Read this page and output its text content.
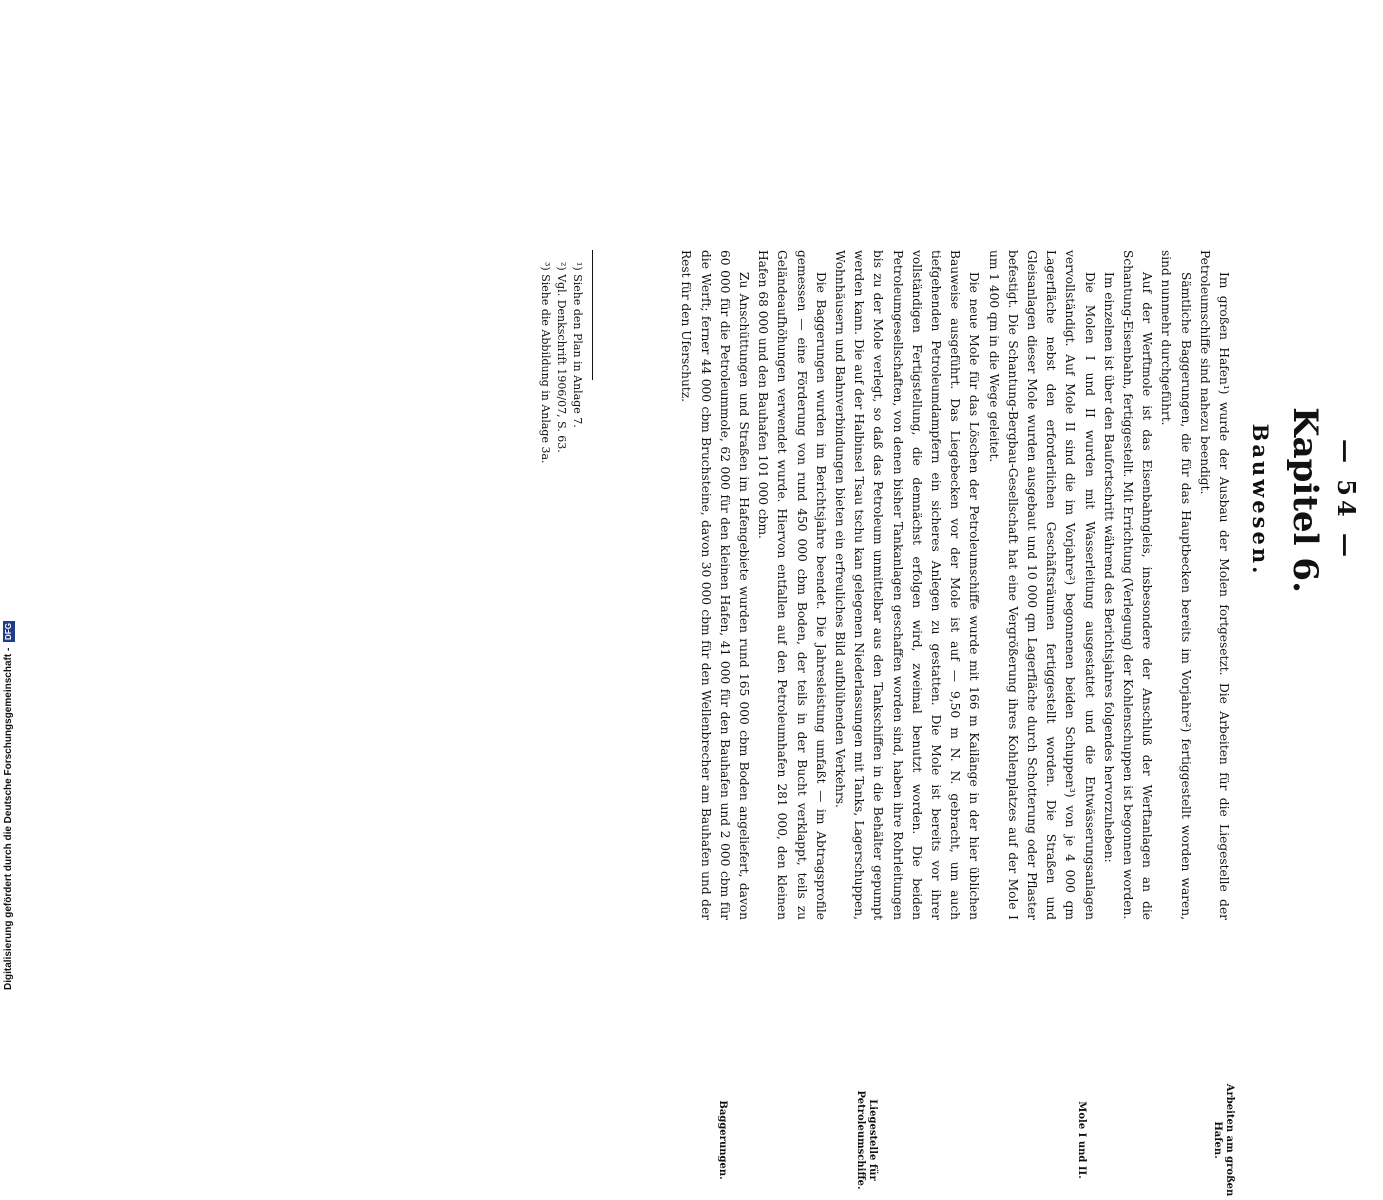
— 54 —
Kapitel 6.
Bauwesen.
Arbeiten am großen Hafen.
Mole I und II.
Liegestelle für Petroleumschiffe.
Baggerungen.

Im großen Hafen¹) wurde der Ausbau der Molen fortgesetzt. Die Arbeiten für die Liegestelle der Petroleumschiffe sind nahezu beendigt.

Sämtliche Baggerungen, die für das Hauptbecken bereits im Vorjahre²) fertiggestellt worden waren, sind nunmehr durchgeführt.

Auf der Werftmole ist das Eisenbahngleis, insbesondere der Anschluß der Werftanlagen an die Schantung-Eisenbahn, fertiggestellt. Mit Errichtung (Verlegung) der Kohlenschuppen ist begonnen worden.

Im einzelnen ist über den Baufortschritt während des Berichtsjahres folgendes hervorzuheben:

Die Molen I und II wurden mit Wasserleitung ausgestattet und die Entwässerungsanlagen vervollständigt. Auf Mole II sind die im Vorjahre²) begonnenen beiden Schuppen³) von je 4 000 qm Lagerfläche nebst den erforderlichen Geschäftsräumen fertiggestellt worden. Die Straßen und Gleisanlagen dieser Mole wurden ausgebaut und 10 000 qm Lagerfläche durch Schotterung oder Pflaster befestigt. Die Schantung-Bergbau-Gesellschaft hat eine Vergrößerung ihres Kohlenplatzes auf der Mole I um 1 400 qm in die Wege geleitet.

Die neue Mole für das Löschen der Petroleumschiffe wurde mit 166 m Kailänge in der hier üblichen Bauweise ausgeführt. Das Liegebecken vor der Mole ist auf — 9,50 m N. N. gebracht, um auch tiefgehenden Petroleumdampfern ein sicheres Anlegen zu gestatten. Die Mole ist bereits vor ihrer vollständigen Fertigstellung, die demnächst erfolgen wird, zweimal benutzt worden. Die beiden Petroleumgesellschaften, von denen bisher Tankanlagen geschaffen worden sind, haben ihre Rohrleitungen bis zu der Mole verlegt, so daß das Petroleum unmittelbar aus den Tankschiffen in die Behälter gepumpt werden kann. Die auf der Halbinsel Tsau tschu kan gelegenen Niederlassungen mit Tanks, Lagerschuppen, Wohnhäusern und Bahnverbindungen bieten ein erfreuliches Bild aufblühenden Verkehrs.

Die Baggerungen wurden im Berichtsjahre beendet. Die Jahresleistung umfaßt — im Abtragsprofile gemessen — eine Förderung von rund 450 000 cbm Boden, der teils in der Bucht verklappt, teils zu Geländeaufhöhungen verwendet wurde. Hiervon entfallen auf den Petroleumhafen 281 000, den kleinen Hafen 68 000 und den Bauhafen 101 000 cbm.

Zu Anschüttungen und Straßen im Hafengebiete wurden rund 165 000 cbm Boden angeliefert, davon 60 000 für die Petroleummole, 62 000 für den kleinen Hafen, 41 000 für den Bauhafen und 2 000 cbm für die Werft; ferner 44 000 cbm Bruchsteine, davon 30 000 cbm für den Wellenbrecher am Bauhafen und der Rest für den Uferschutz.

¹) Siehe den Plan in Anlage 7.
²) Vgl. Denkschrift 1906/07, S. 63.
³) Siehe die Abbildung in Anlage 3a.
Digitalisierung gefördert durch die Deutsche Forschungsgemeinschaft - DFG
